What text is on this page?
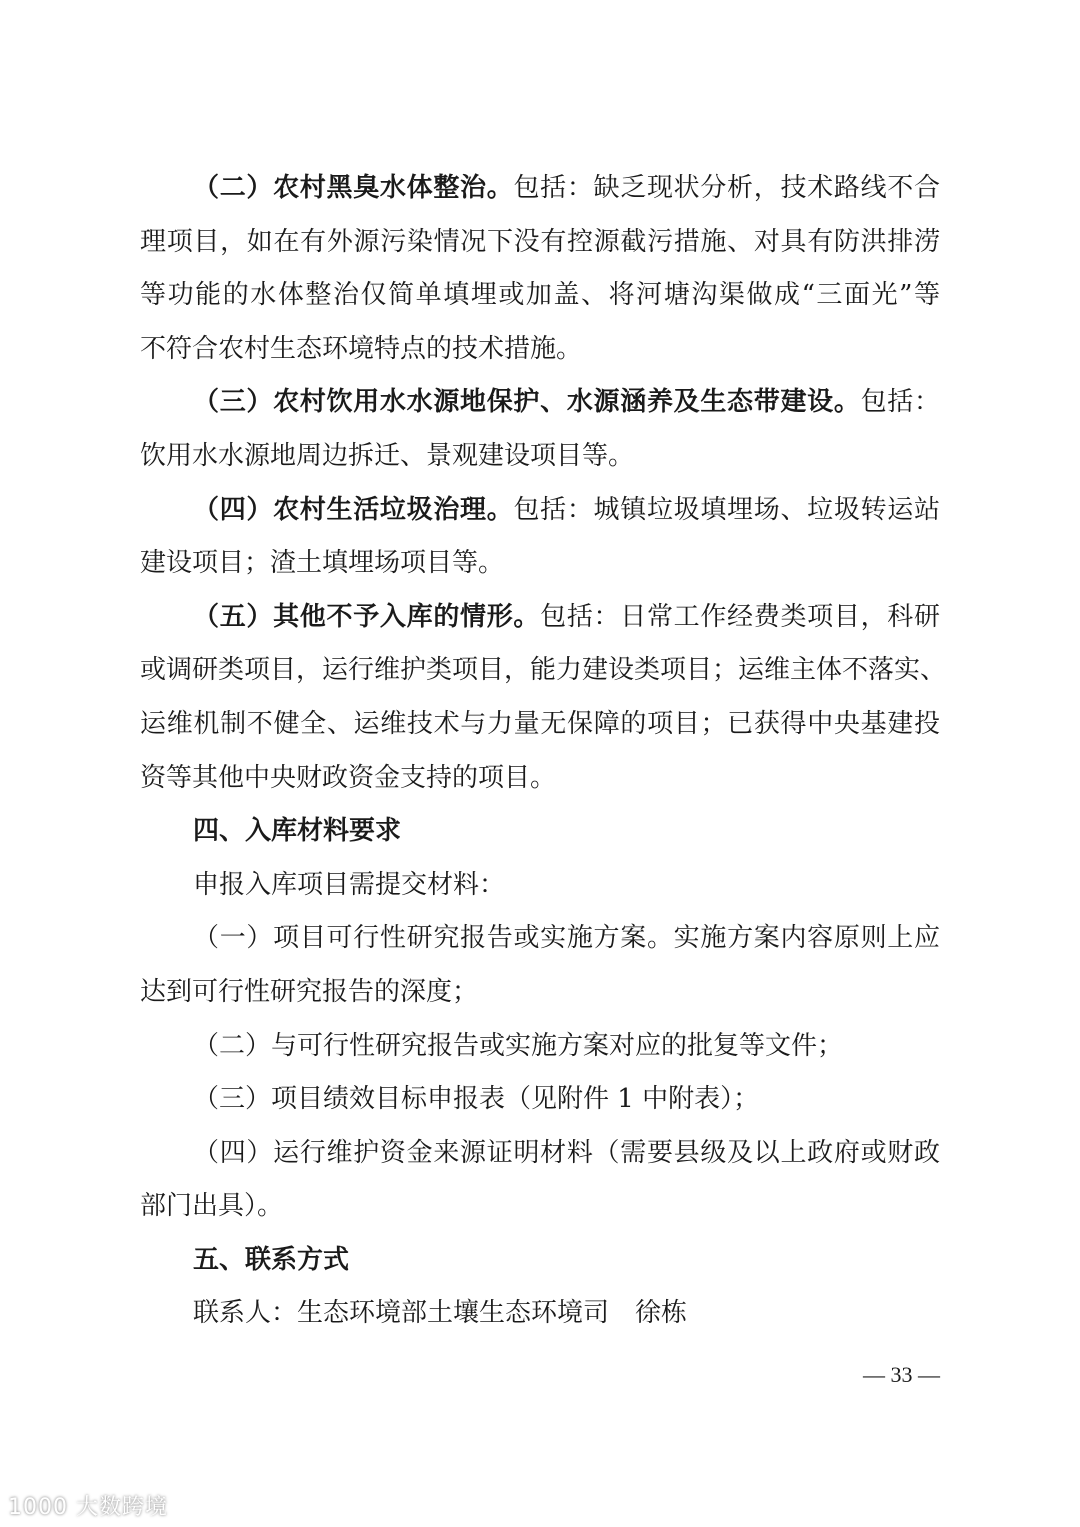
（二）农村黑臭水体整治。包括：缺乏现状分析，技术路线不合
理项目，如在有外源污染情况下没有控源截污措施、对具有防洪排涝
等功能的水体整治仅简单填埋或加盖、将河塘沟渠做成“三面光”等
不符合农村生态环境特点的技术措施。
（三）农村饮用水水源地保护、水源涵养及生态带建设。包括：
饮用水水源地周边拆迁、景观建设项目等。
（四）农村生活垃圾治理。包括：城镇垃圾填埋场、垃圾转运站
建设项目；渣土填埋场项目等。
（五）其他不予入库的情形。包括：日常工作经费类项目，科研
或调研类项目，运行维护类项目，能力建设类项目；运维主体不落实、
运维机制不健全、运维技术与力量无保障的项目；已获得中央基建投
资等其他中央财政资金支持的项目。
四、入库材料要求
申报入库项目需提交材料：
（一）项目可行性研究报告或实施方案。实施方案内容原则上应
达到可行性研究报告的深度；
（二）与可行性研究报告或实施方案对应的批复等文件；
（三）项目绩效目标申报表（见附件 1 中附表）；
（四）运行维护资金来源证明材料（需要县级及以上政府或财政
部门出具）。
五、联系方式
联系人：生态环境部土壤生态环境司　徐栋
— 33 —
1000 大数跨境
